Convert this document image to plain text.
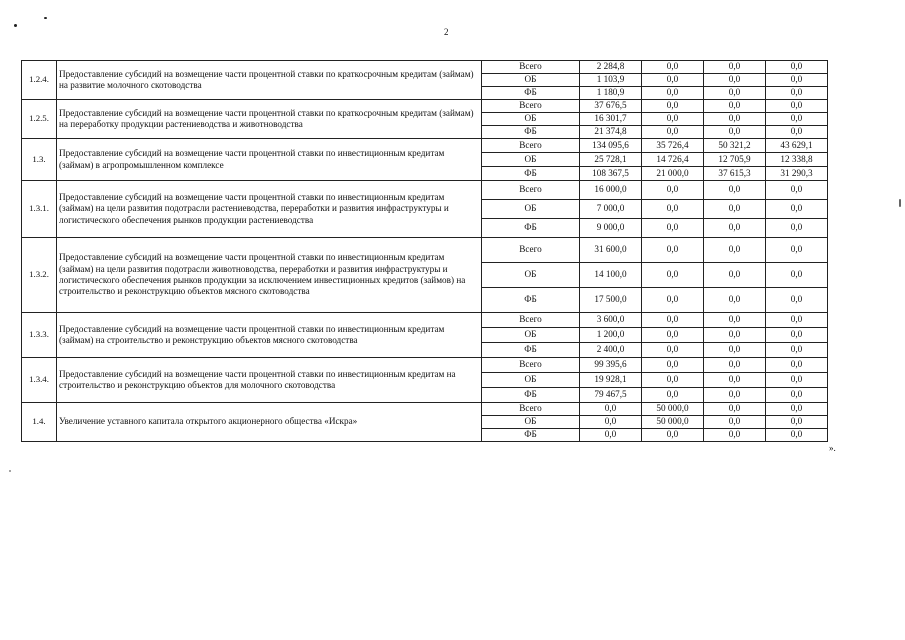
2
1.2.4.	Предоставление субсидий на возмещение части процентной ставки по краткосрочным кредитам (займам) на развитие молочного скотоводства	Всего	2 284,8	0,0	0,0	0,0
		ОБ	1 103,9	0,0	0,0	0,0
		ФБ	1 180,9	0,0	0,0	0,0
1.2.5.	Предоставление субсидий на возмещение части процентной ставки по краткосрочным кредитам (займам) на переработку продукции растениеводства и животноводства	Всего	37 676,5	0,0	0,0	0,0
		ОБ	16 301,7	0,0	0,0	0,0
		ФБ	21 374,8	0,0	0,0	0,0
1.3.	Предоставление субсидий на возмещение части процентной ставки по инвестиционным кредитам (займам) в агропромышленном комплексе	Всего	134 095,6	35 726,4	50 321,2	43 629,1
		ОБ	25 728,1	14 726,4	12 705,9	12 338,8
		ФБ	108 367,5	21 000,0	37 615,3	31 290,3
1.3.1.	Предоставление субсидий на возмещение части процентной ставки по инвестиционным кредитам (займам) на цели развития подотрасли растениеводства, переработки и развития инфраструктуры и логистического обеспечения рынков продукции растениеводства	Всего	16 000,0	0,0	0,0	0,0
		ОБ	7 000,0	0,0	0,0	0,0
		ФБ	9 000,0	0,0	0,0	0,0
1.3.2.	Предоставление субсидий на возмещение части процентной ставки по инвестиционным кредитам (займам) на цели развития подотрасли животноводства, переработки и развития инфраструктуры и логистического обеспечения рынков продукции за исключением инвестиционных кредитов (займов) на строительство и реконструкцию объектов мясного скотоводства	Всего	31 600,0	0,0	0,0	0,0
		ОБ	14 100,0	0,0	0,0	0,0
		ФБ	17 500,0	0,0	0,0	0,0
1.3.3.	Предоставление субсидий на возмещение части процентной ставки по инвестиционным кредитам (займам) на строительство и реконструкцию объектов мясного скотоводства	Всего	3 600,0	0,0	0,0	0,0
		ОБ	1 200,0	0,0	0,0	0,0
		ФБ	2 400,0	0,0	0,0	0,0
1.3.4.	Предоставление субсидий на возмещение части процентной ставки по инвестиционным кредитам на строительство и реконструкцию объектов для молочного скотоводства	Всего	99 395,6	0,0	0,0	0,0
		ОБ	19 928,1	0,0	0,0	0,0
		ФБ	79 467,5	0,0	0,0	0,0
1.4.	Увеличение уставного капитала открытого акционерного общества «Искра»	Всего	0,0	50 000,0	0,0	0,0
		ОБ	0,0	50 000,0	0,0	0,0
		ФБ	0,0	0,0	0,0	0,0
».
